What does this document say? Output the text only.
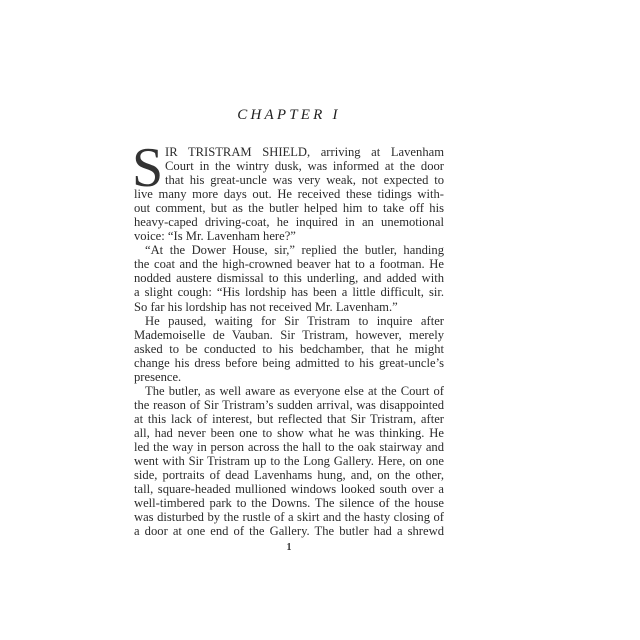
CHAPTER I
S IR TRISTRAM SHIELD, arriving at Lavenham
Court in the wintry dusk, was informed at the door
that his great-uncle was very weak, not expected to
live many more days out. He received these tidings with-
out comment, but as the butler helped him to take off his
heavy-caped driving-coat, he inquired in an unemotional
voice: “Is Mr. Lavenham here?”
“At the Dower House, sir,” replied the butler, handing
the coat and the high-crowned beaver hat to a footman. He
nodded austere dismissal to this underling, and added with
a slight cough: “His lordship has been a little difficult, sir.
So far his lordship has not received Mr. Lavenham.”
He paused, waiting for Sir Tristram to inquire after
Mademoiselle de Vauban. Sir Tristram, however, merely
asked to be conducted to his bedchamber, that he might
change his dress before being admitted to his great-uncle’s
presence.
The butler, as well aware as everyone else at the Court of
the reason of Sir Tristram’s sudden arrival, was disappointed
at this lack of interest, but reflected that Sir Tristram, after
all, had never been one to show what he was thinking. He
led the way in person across the hall to the oak stairway and
went with Sir Tristram up to the Long Gallery. Here, on one
side, portraits of dead Lavenhams hung, and, on the other,
tall, square-headed mullioned windows looked south over a
well-timbered park to the Downs. The silence of the house
was disturbed by the rustle of a skirt and the hasty closing of
a door at one end of the Gallery. The butler had a shrewd
1
